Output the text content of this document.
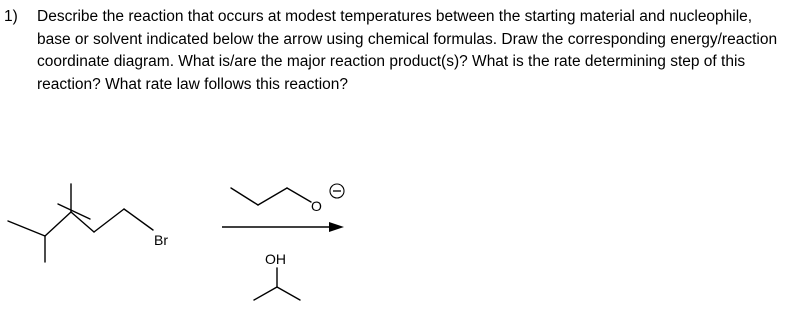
1) Describe the reaction that occurs at modest temperatures between the starting material and nucleophile, base or solvent indicated below the arrow using chemical formulas. Draw the corresponding energy/reaction coordinate diagram. What is/are the major reaction product(s)? What is the rate determining step of this reaction? What rate law follows this reaction?
Br
O
OH
